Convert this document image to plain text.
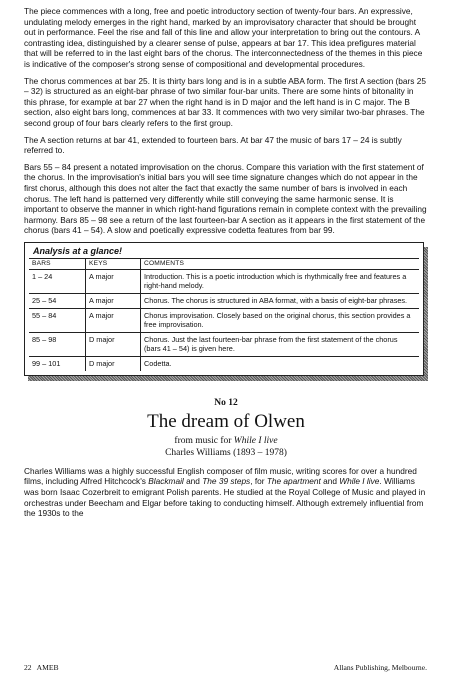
The piece commences with a long, free and poetic introductory section of twenty-four bars. An expressive, undulating melody emerges in the right hand, marked by an improvisatory character that should be brought out in performance. Feel the rise and fall of this line and allow your interpretation to bring out the contours. A contrasting idea, distinguished by a clearer sense of pulse, appears at bar 17. This idea prefigures material that will be referred to in the last eight bars of the chorus. The interconnectedness of the themes in this piece is indicative of the composer's strong sense of compositional and developmental procedures.

The chorus commences at bar 25. It is thirty bars long and is in a subtle ABA form. The first A section (bars 25 – 32) is structured as an eight-bar phrase of two similar four-bar units. There are some hints of bitonality in this phrase, for example at bar 27 when the right hand is in D major and the left hand is in C major. The B section, also eight bars long, commences at bar 33. It commences with two very similar two-bar phrases. The second group of four bars clearly refers to the first group.

The A section returns at bar 41, extended to fourteen bars. At bar 47 the music of bars 17 – 24 is subtly referred to.

Bars 55 – 84 present a notated improvisation on the chorus. Compare this variation with the first statement of the chorus. In the improvisation's initial bars you will see time signature changes which do not appear in the first chorus, although this does not alter the fact that exactly the same number of bars is involved in each chorus. The left hand is patterned very differently while still conveying the same harmonic sense. It is important to observe the manner in which right-hand figurations remain in complete context with the prevailing harmony. Bars 85 – 98 see a return of the last fourteen-bar A section as it appears in the first statement of the chorus (bars 41 – 54). A slow and poetically expressive codetta features from bar 99.

Analysis at a glance!
BARS	KEYS	COMMENTS
1 – 24	A major	Introduction. This is a poetic introduction which is rhythmically free and features a right-hand melody.
25 – 54	A major	Chorus. The chorus is structured in ABA format, with a basis of eight-bar phrases.
55 – 84	A major	Chorus improvisation. Closely based on the original chorus, this section provides a free improvisation.
85 – 98	D major	Chorus. Just the last fourteen-bar phrase from the first statement of the chorus (bars 41 – 54) is given here.
99 – 101	D major	Codetta.
No 12
The dream of Olwen
from music for While I live
Charles Williams (1893 – 1978)

Charles Williams was a highly successful English composer of film music, writing scores for over a hundred films, including Alfred Hitchcock's Blackmail and The 39 steps, for The apartment and While I live. Williams was born Isaac Cozerbreit to emigrant Polish parents. He studied at the Royal College of Music and played in orchestras under Beecham and Elgar before taking to conducting himself. Although extremely influential from the 1930s to the

22 AMEB	Allans Publishing, Melbourne.
